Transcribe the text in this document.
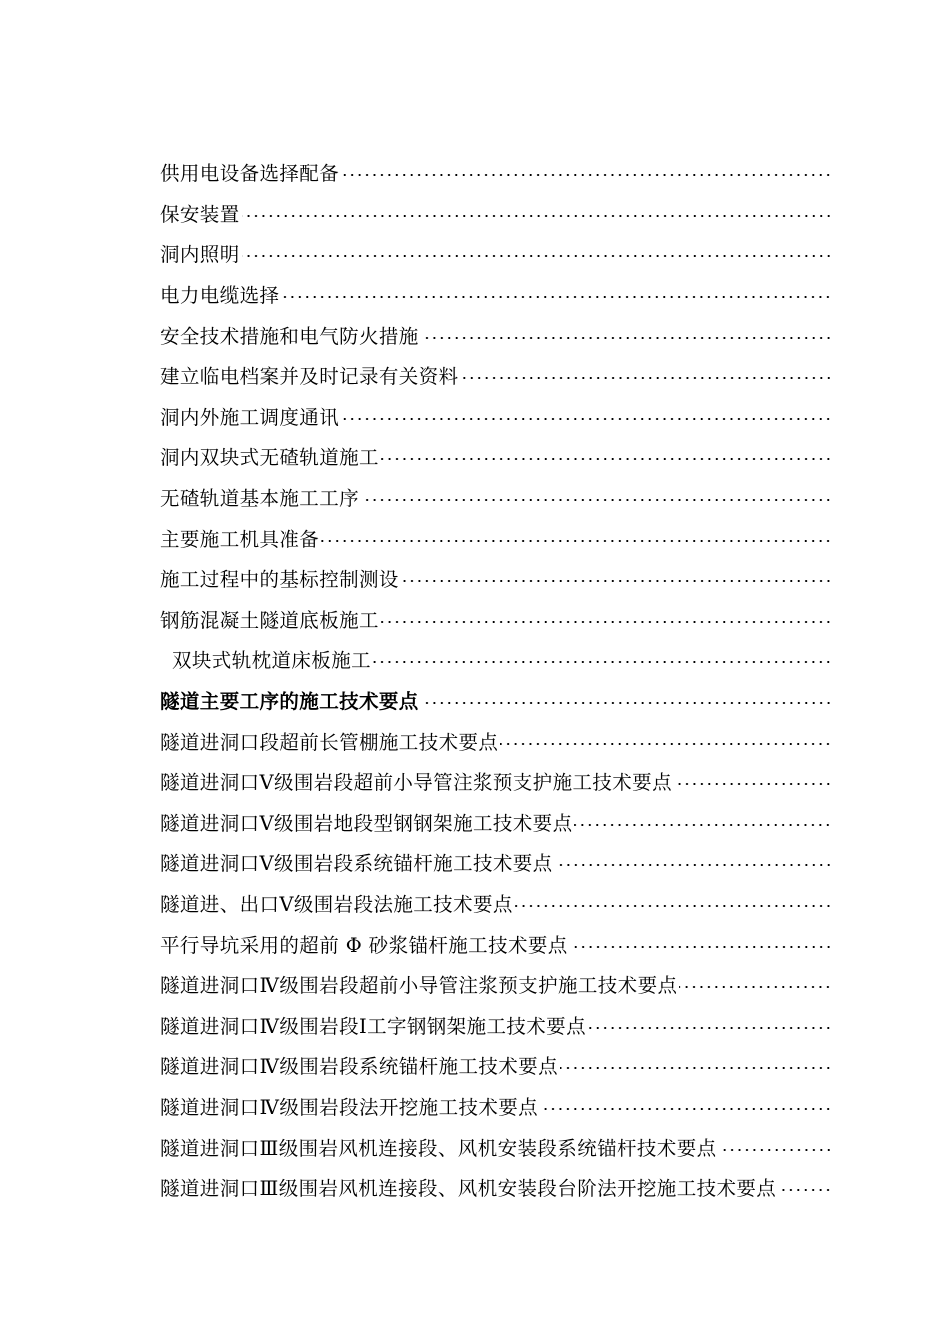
供用电设备选择配备
保安装置
洞内照明
电力电缆选择
安全技术措施和电气防火措施
建立临电档案并及时记录有关资料
洞内外施工调度通讯
洞内双块式无碴轨道施工
无碴轨道基本施工工序
主要施工机具准备
施工过程中的基标控制测设
钢筋混凝土隧道底板施工
双块式轨枕道床板施工
隧道主要工序的施工技术要点
隧道进洞口段超前长管棚施工技术要点
隧道进洞口Ⅴ级围岩段超前小导管注浆预支护施工技术要点
隧道进洞口Ⅴ级围岩地段型钢钢架施工技术要点
隧道进洞口Ⅴ级围岩段系统锚杆施工技术要点
隧道进、出口Ⅴ级围岩段法施工技术要点
平行导坑采用的超前 Φ 砂浆锚杆施工技术要点
隧道进洞口Ⅳ级围岩段超前小导管注浆预支护施工技术要点
隧道进洞口Ⅳ级围岩段Ⅰ工字钢钢架施工技术要点
隧道进洞口Ⅳ级围岩段系统锚杆施工技术要点
隧道进洞口Ⅳ级围岩段法开挖施工技术要点
隧道进洞口Ⅲ级围岩风机连接段、风机安装段系统锚杆技术要点
隧道进洞口Ⅲ级围岩风机连接段、风机安装段台阶法开挖施工技术要点
